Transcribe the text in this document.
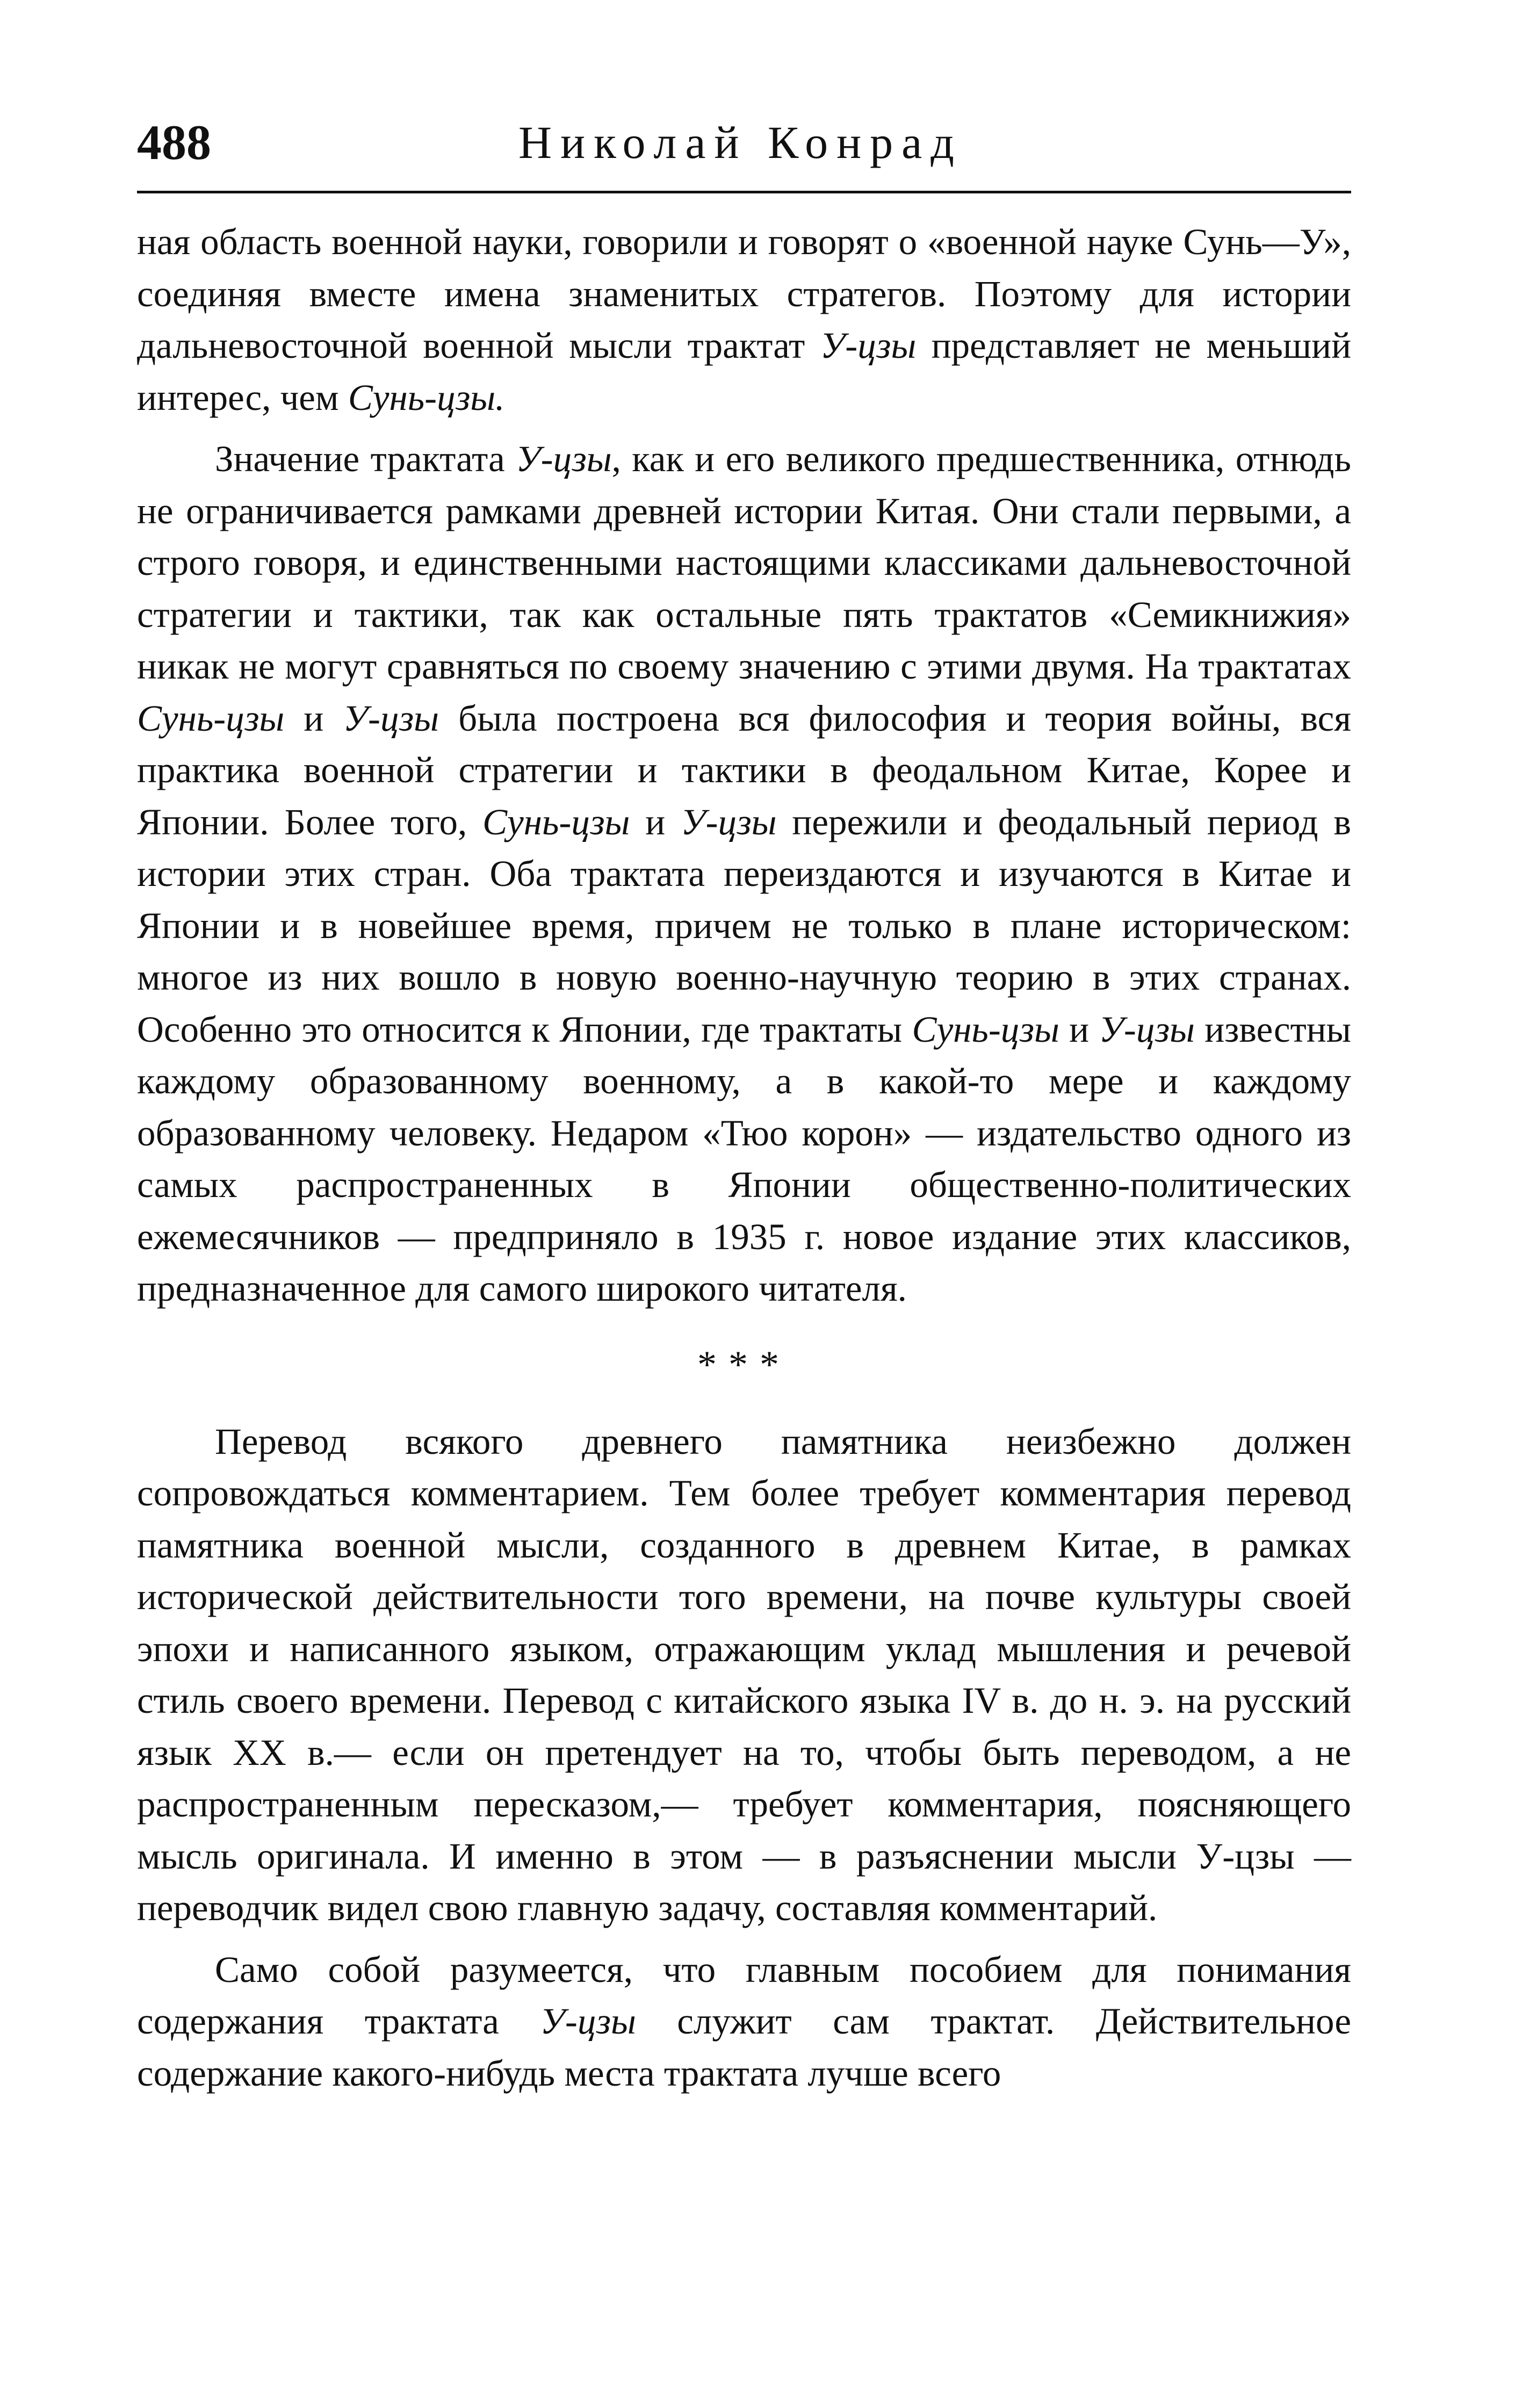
488	Николай Конрад

ная область военной науки, говорили и говорят о «военной науке Сунь—У», соединяя вместе имена знаменитых стратегов. Поэтому для истории дальневосточной военной мысли трактат У-цзы представляет не меньший интерес, чем Сунь-цзы.

Значение трактата У-цзы, как и его великого предшественника, отнюдь не ограничивается рамками древней истории Китая. Они стали первыми, а строго говоря, и единственными настоящими классиками дальневосточной стратегии и тактики, так как остальные пять трактатов «Семикнижия» никак не могут сравняться по своему значению с этими двумя. На трактатах Сунь-цзы и У-цзы была построена вся философия и теория войны, вся практика военной стратегии и тактики в феодальном Китае, Корее и Японии. Более того, Сунь-цзы и У-цзы пережили и феодальный период в истории этих стран. Оба трактата переиздаются и изучаются в Китае и Японии и в новейшее время, причем не только в плане историческом: многое из них вошло в новую военно-научную теорию в этих странах. Особенно это относится к Японии, где трактаты Сунь-цзы и У-цзы известны каждому образованному военному, а в какой-то мере и каждому образованному человеку. Недаром «Тюо корон» — издательство одного из самых распространенных в Японии общественно-политических ежемесячников — предприняло в 1935 г. новое издание этих классиков, предназначенное для самого широкого читателя.

***

Перевод всякого древнего памятника неизбежно должен сопровождаться комментарием. Тем более требует комментария перевод памятника военной мысли, созданного в древнем Китае, в рамках исторической действительности того времени, на почве культуры своей эпохи и написанного языком, отражающим уклад мышления и речевой стиль своего времени. Перевод с китайского языка IV в. до н. э. на русский язык XX в.— если он претендует на то, чтобы быть переводом, а не распространенным пересказом,— требует комментария, поясняющего мысль оригинала. И именно в этом — в разъяснении мысли У-цзы — переводчик видел свою главную задачу, составляя комментарий.

Само собой разумеется, что главным пособием для понимания содержания трактата У-цзы служит сам трактат. Действительное содержание какого-нибудь места трактата лучше всего
